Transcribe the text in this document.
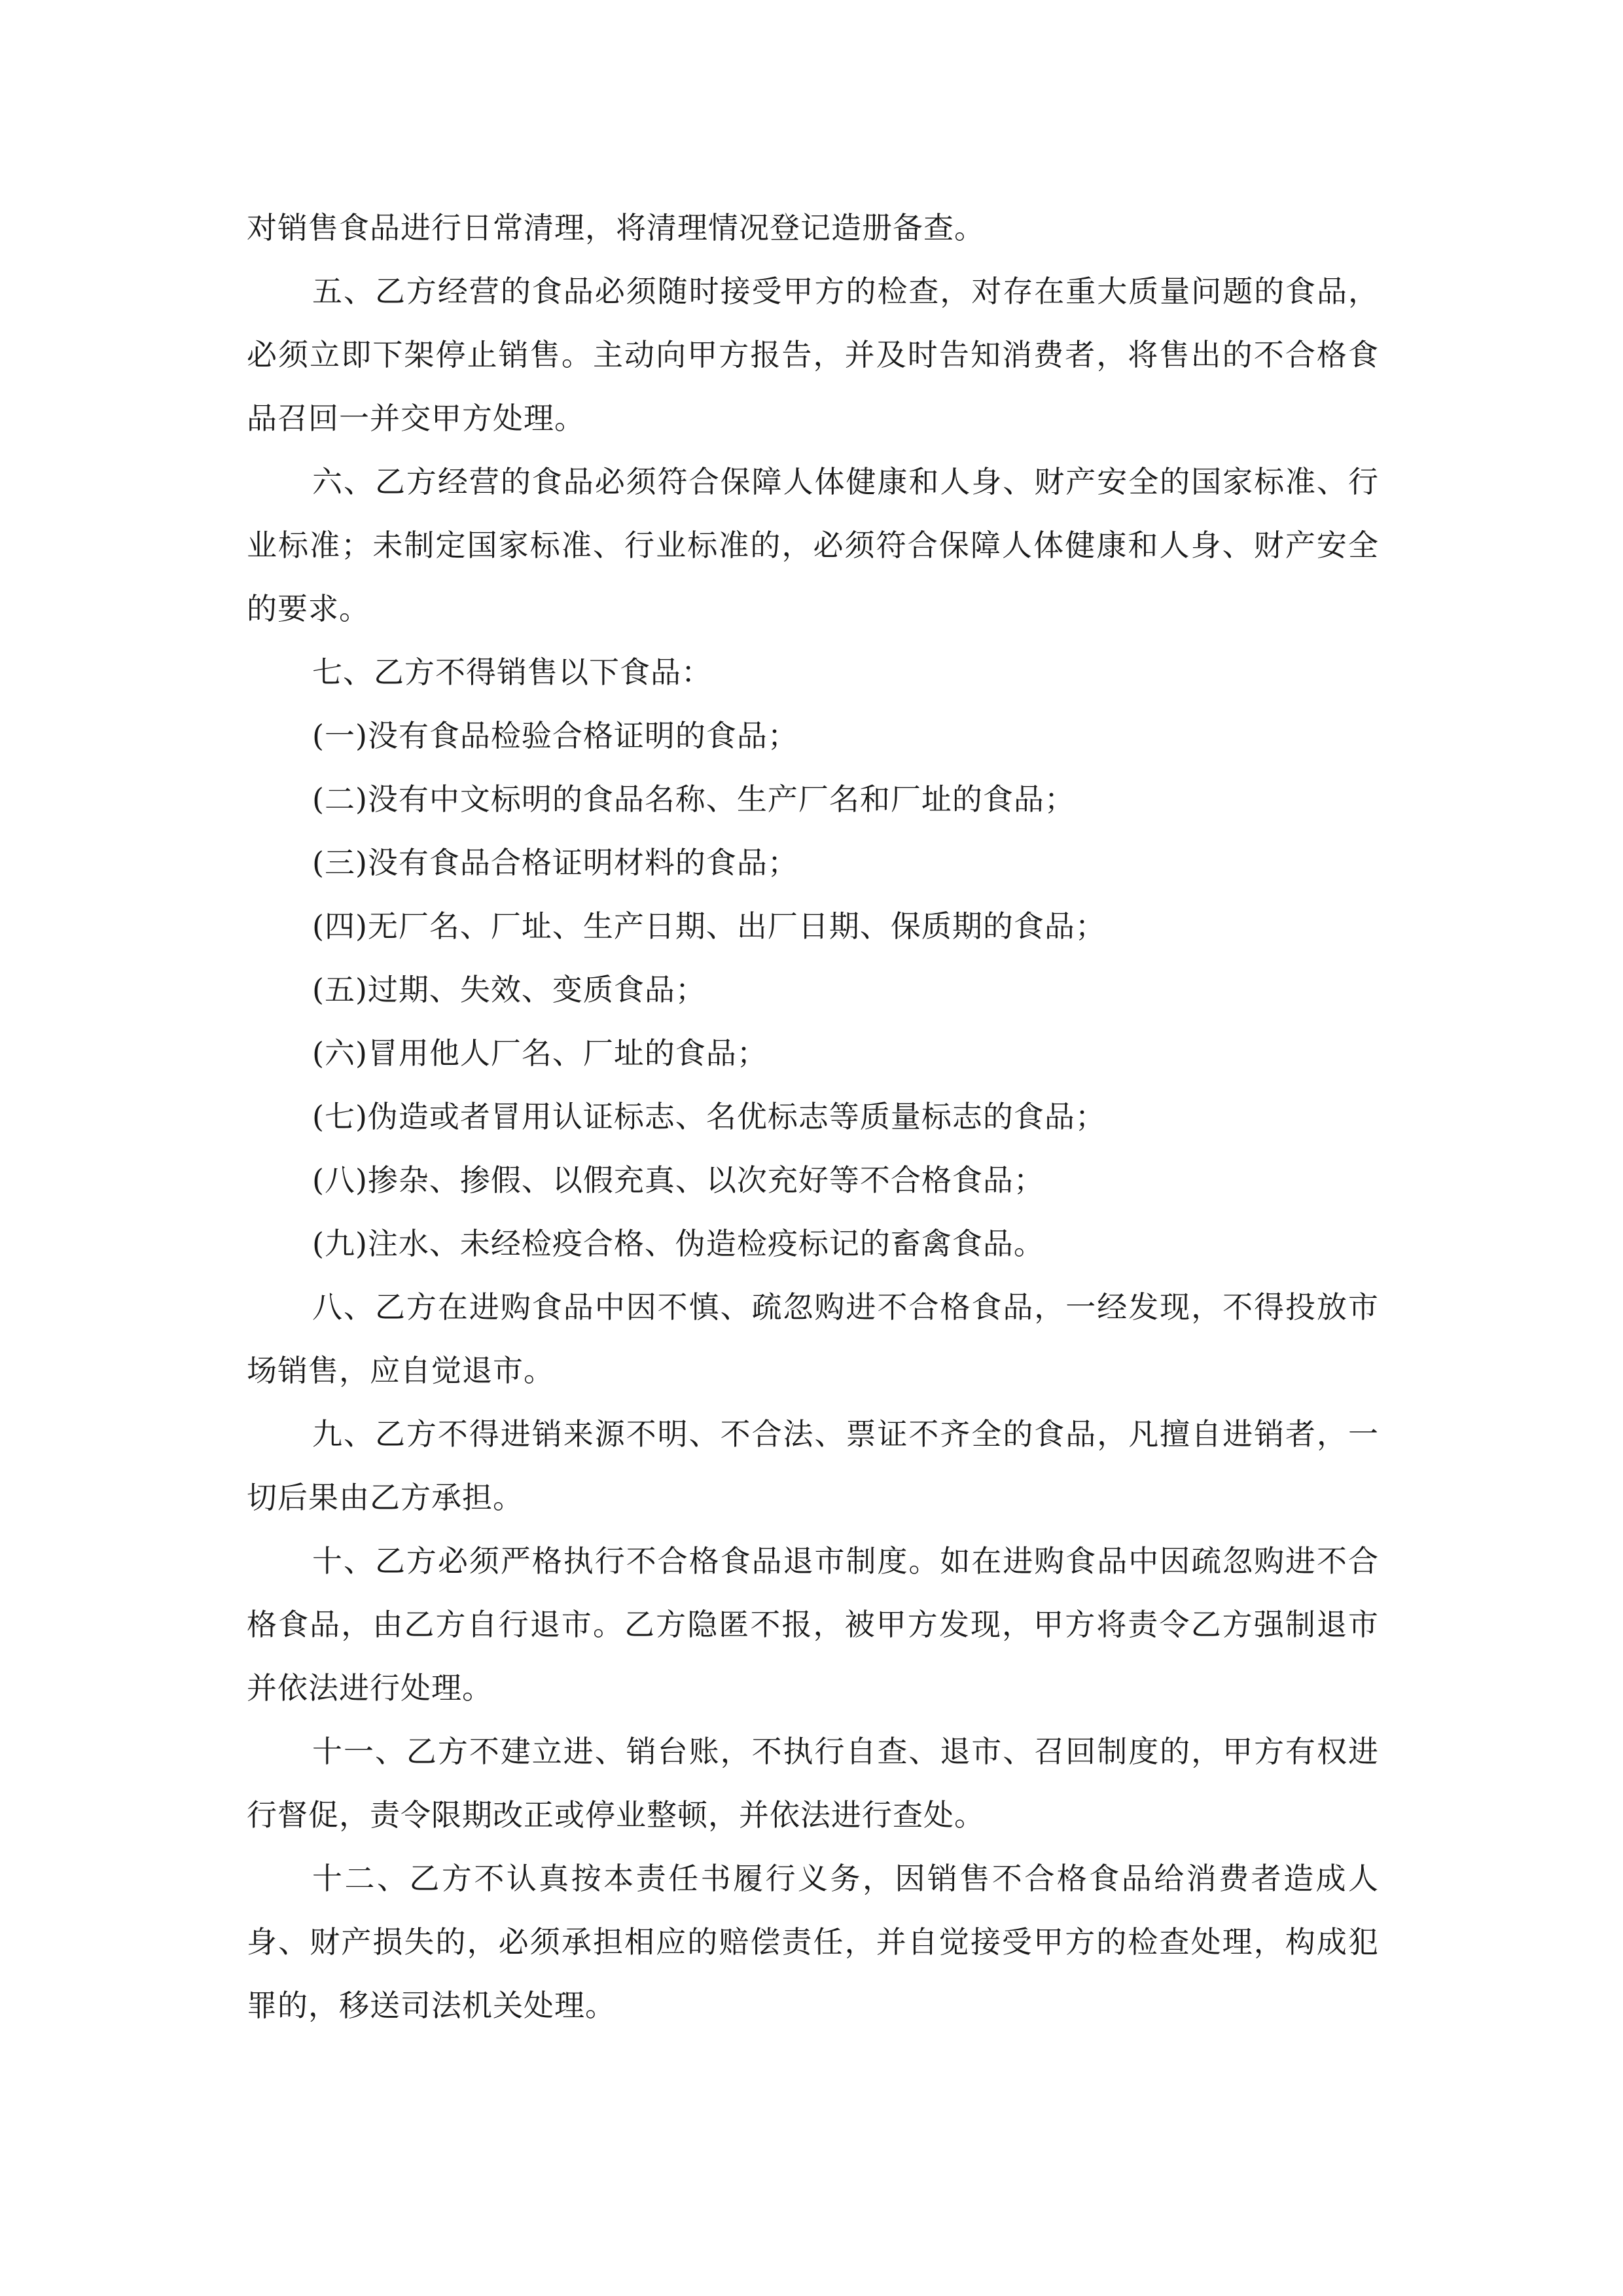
对销售食品进行日常清理，将清理情况登记造册备查。

五、乙方经营的食品必须随时接受甲方的检查，对存在重大质量问题的食品，必须立即下架停止销售。主动向甲方报告，并及时告知消费者，将售出的不合格食品召回一并交甲方处理。

六、乙方经营的食品必须符合保障人体健康和人身、财产安全的国家标准、行业标准；未制定国家标准、行业标准的，必须符合保障人体健康和人身、财产安全的要求。

七、乙方不得销售以下食品：

(一)没有食品检验合格证明的食品；

(二)没有中文标明的食品名称、生产厂名和厂址的食品；

(三)没有食品合格证明材料的食品；

(四)无厂名、厂址、生产日期、出厂日期、保质期的食品；

(五)过期、失效、变质食品；

(六)冒用他人厂名、厂址的食品；

(七)伪造或者冒用认证标志、名优标志等质量标志的食品；

(八)掺杂、掺假、以假充真、以次充好等不合格食品；

(九)注水、未经检疫合格、伪造检疫标记的畜禽食品。

八、乙方在进购食品中因不慎、疏忽购进不合格食品，一经发现，不得投放市场销售，应自觉退市。

九、乙方不得进销来源不明、不合法、票证不齐全的食品，凡擅自进销者，一切后果由乙方承担。

十、乙方必须严格执行不合格食品退市制度。如在进购食品中因疏忽购进不合格食品，由乙方自行退市。乙方隐匿不报，被甲方发现，甲方将责令乙方强制退市并依法进行处理。

十一、乙方不建立进、销台账，不执行自查、退市、召回制度的，甲方有权进行督促，责令限期改正或停业整顿，并依法进行查处。

十二、乙方不认真按本责任书履行义务，因销售不合格食品给消费者造成人身、财产损失的，必须承担相应的赔偿责任，并自觉接受甲方的检查处理，构成犯罪的，移送司法机关处理。
